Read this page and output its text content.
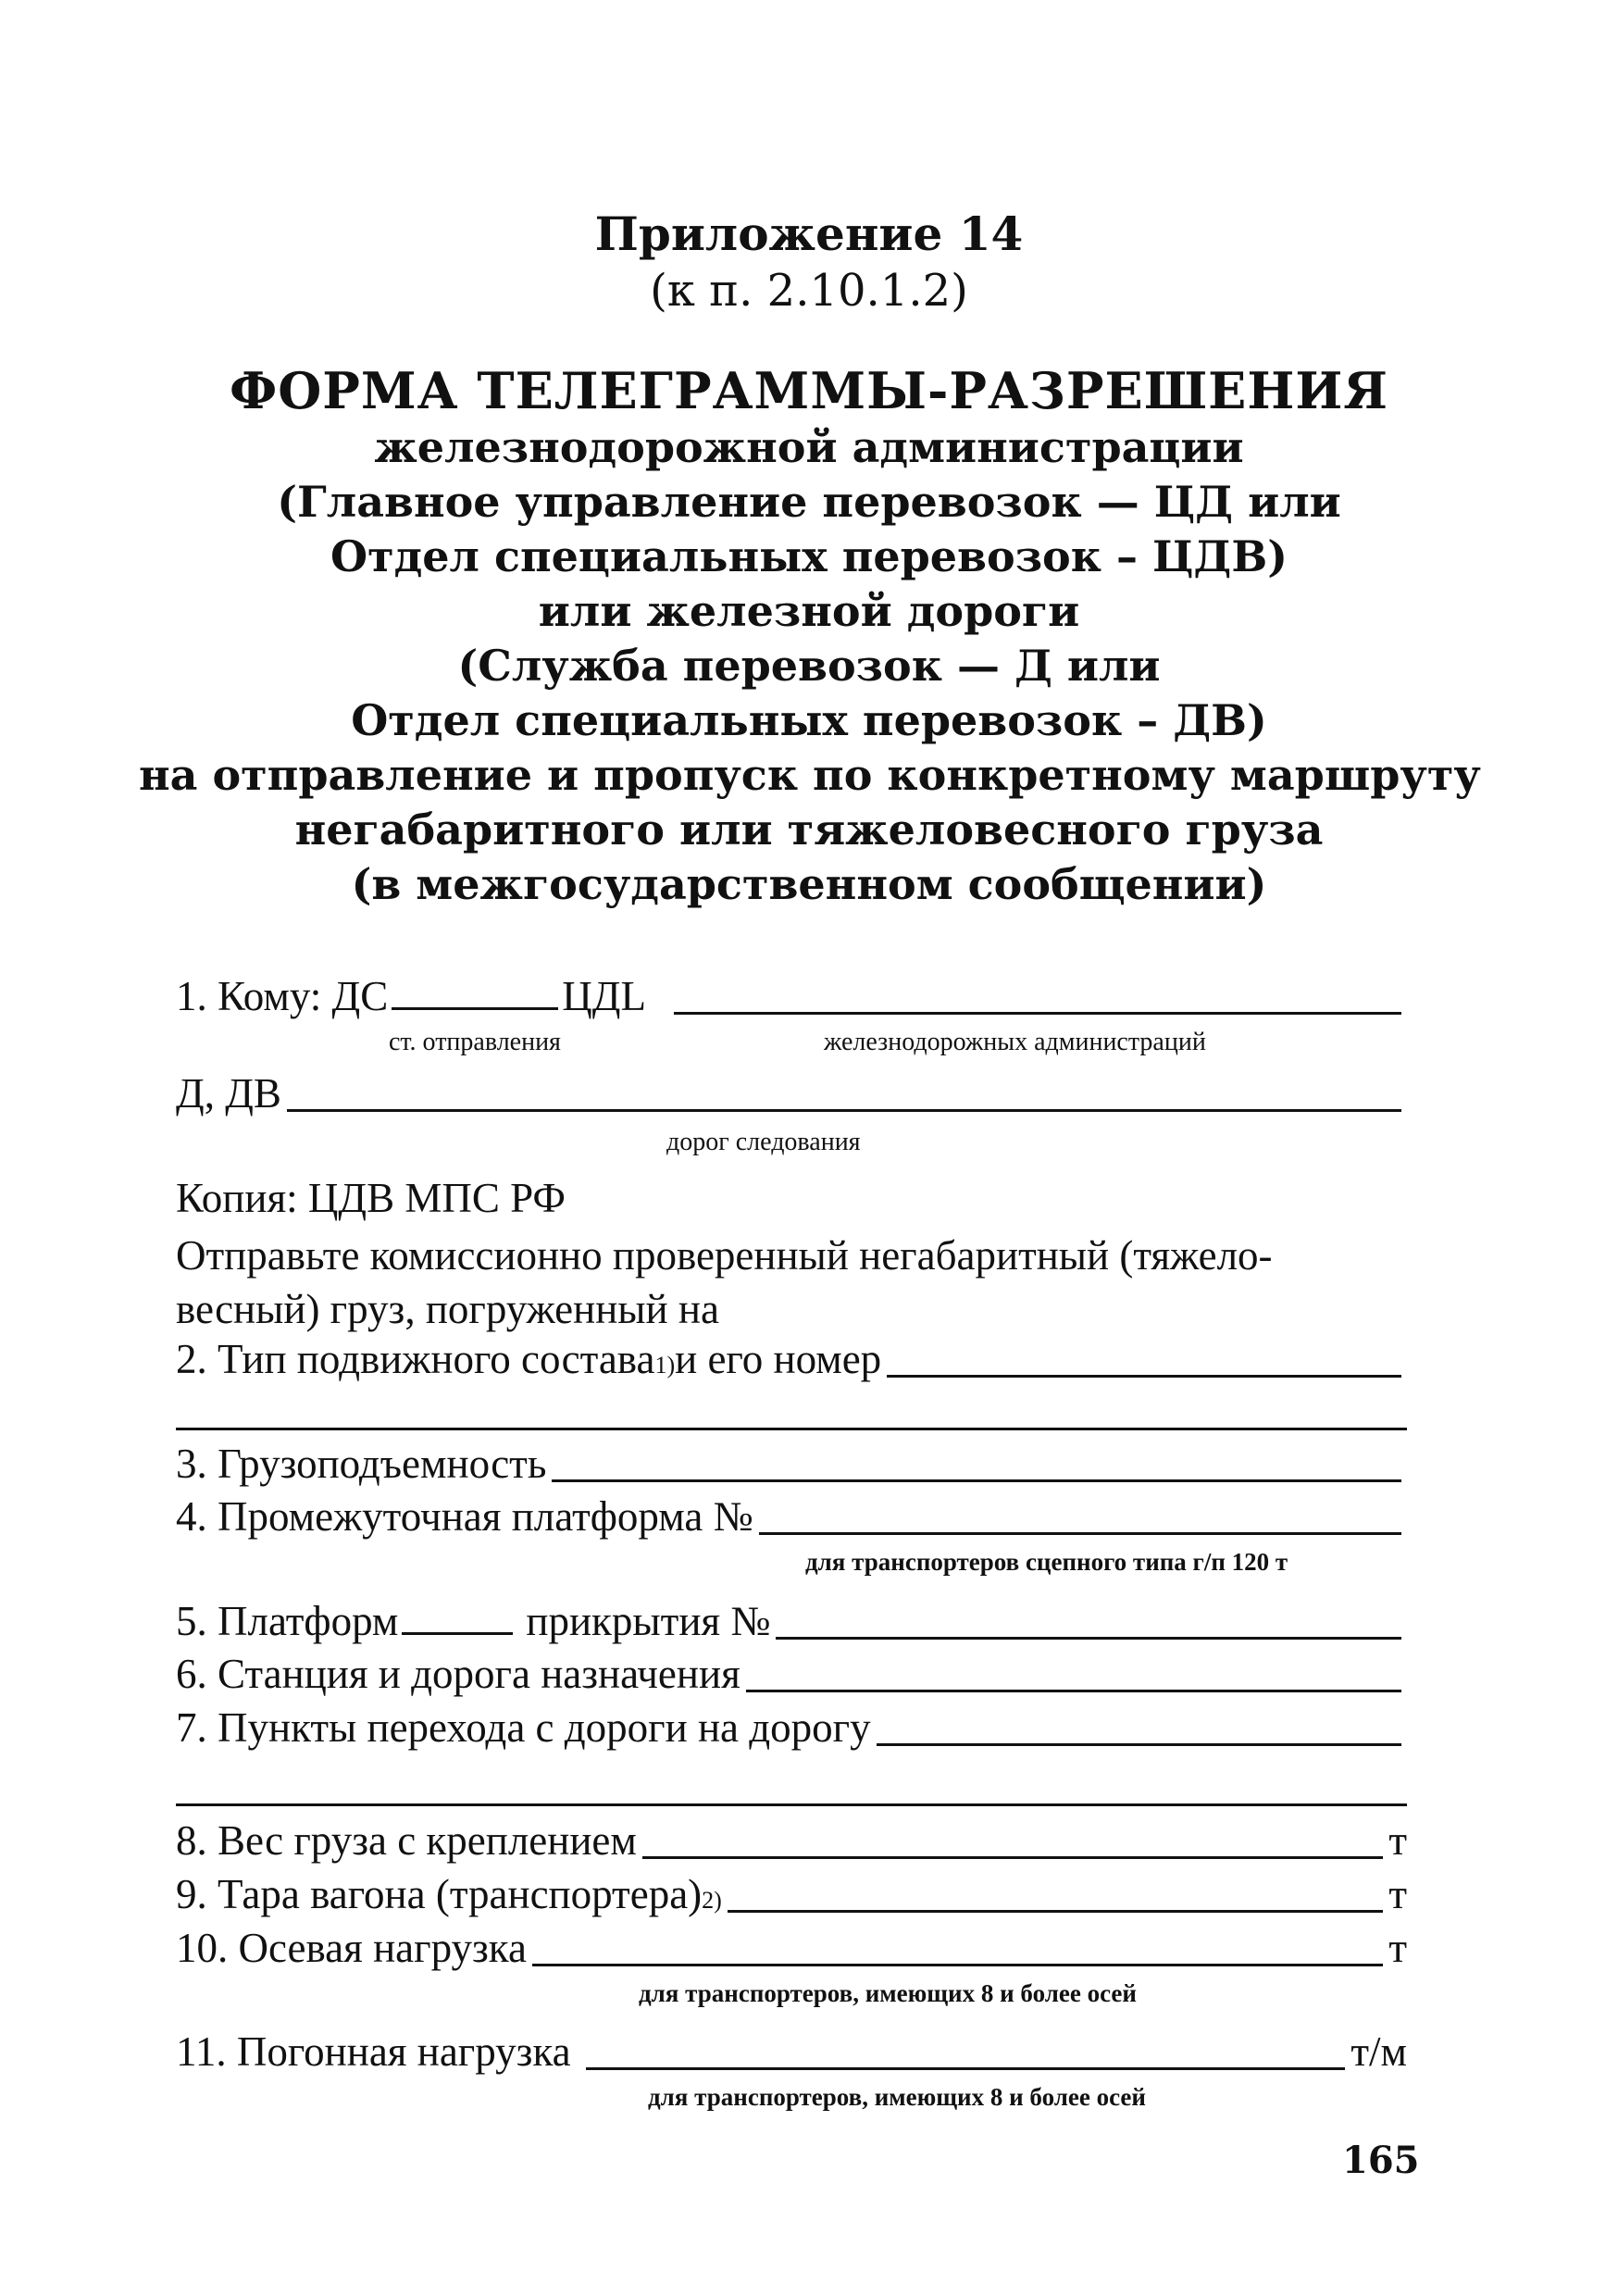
Приложение 14
(к п. 2.10.1.2)
ФОРМА ТЕЛЕГРАММЫ-РАЗРЕШЕНИЯ
железнодорожной администрации
(Главное управление перевозок — ЦД или
Отдел специальных перевозок – ЦДВ)
или железной дороги
(Служба перевозок — Д или
Отдел специальных перевозок – ДВ)
на отправление и пропуск по конкретному маршруту
негабаритного или тяжеловесного груза
(в межгосударственном сообщении)
1. Кому: ДС	ЦДL
ст. отправления	железнодорожных администраций
Д, ДВ
дорог следования
Копия: ЦДВ МПС РФ
Отправьте комиссионно проверенный негабаритный (тяжело-
весный) груз, погруженный на
2. Тип подвижного состава 1) и его номер
3. Грузоподъемность
4. Промежуточная платформа №
для транспортеров сцепного типа г/п 120 т
5. Платформ	прикрытия №
6. Станция и дорога назначения
7. Пункты перехода с дороги на дорогу
8. Вес груза с креплением	т
9. Тара вагона (транспортера) 2)	т
10. Осевая нагрузка	т
для транспортеров, имеющих 8 и более осей
11. Погонная нагрузка	т/м
для транспортеров, имеющих 8 и более осей
165
